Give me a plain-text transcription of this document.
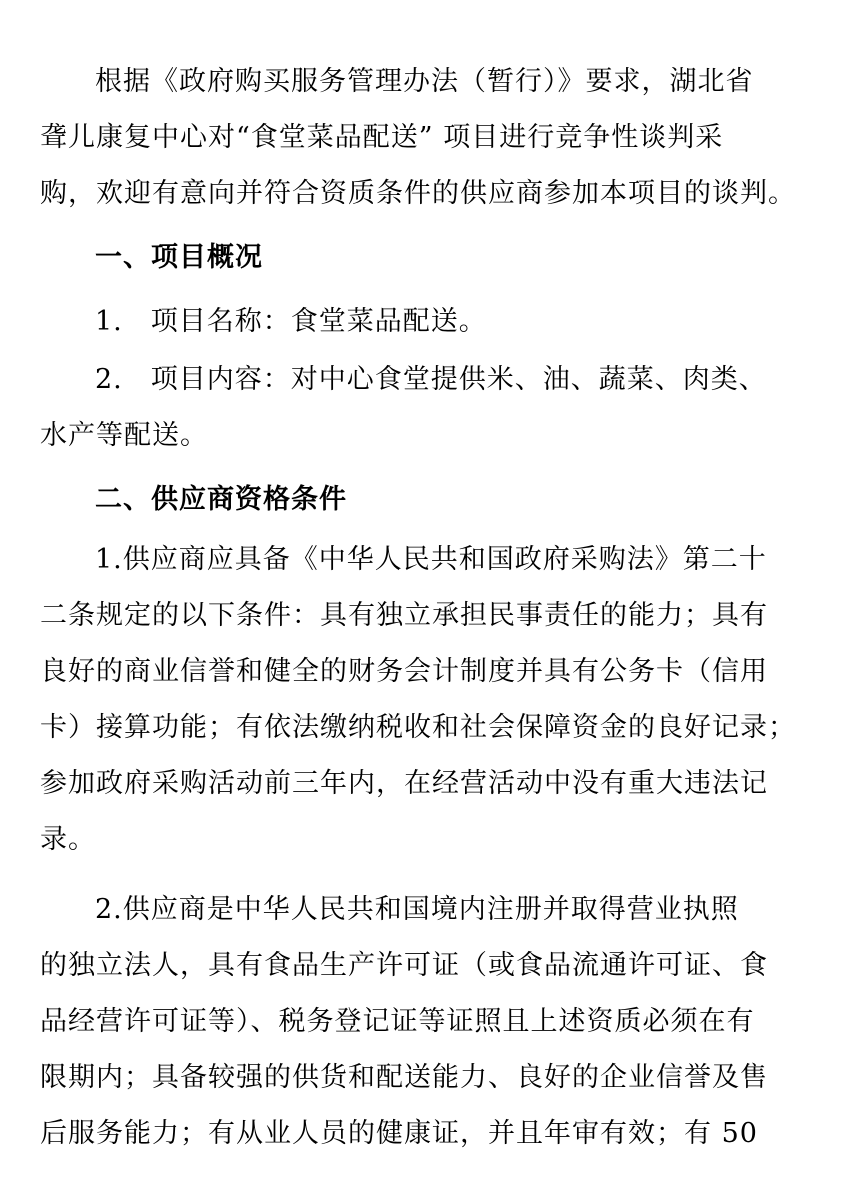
根据《政府购买服务管理办法（暂行）》要求，湖北省
聋儿康复中心对“食堂菜品配送” 项目进行竞争性谈判采
购，欢迎有意向并符合资质条件的供应商参加本项目的谈判。
一、项目概况
1.　项目名称：食堂菜品配送。
2.　项目内容：对中心食堂提供米、油、蔬菜、肉类、
水产等配送。
二、供应商资格条件
1.供应商应具备《中华人民共和国政府采购法》第二十
二条规定的以下条件：具有独立承担民事责任的能力；具有
良好的商业信誉和健全的财务会计制度并具有公务卡（信用
卡）接算功能；有依法缴纳税收和社会保障资金的良好记录；
参加政府采购活动前三年内，在经营活动中没有重大违法记
录。
2.供应商是中华人民共和国境内注册并取得营业执照
的独立法人，具有食品生产许可证（或食品流通许可证、食
品经营许可证等）、税务登记证等证照且上述资质必须在有
限期内；具备较强的供货和配送能力、良好的企业信誉及售
后服务能力；有从业人员的健康证，并且年审有效；有 50
